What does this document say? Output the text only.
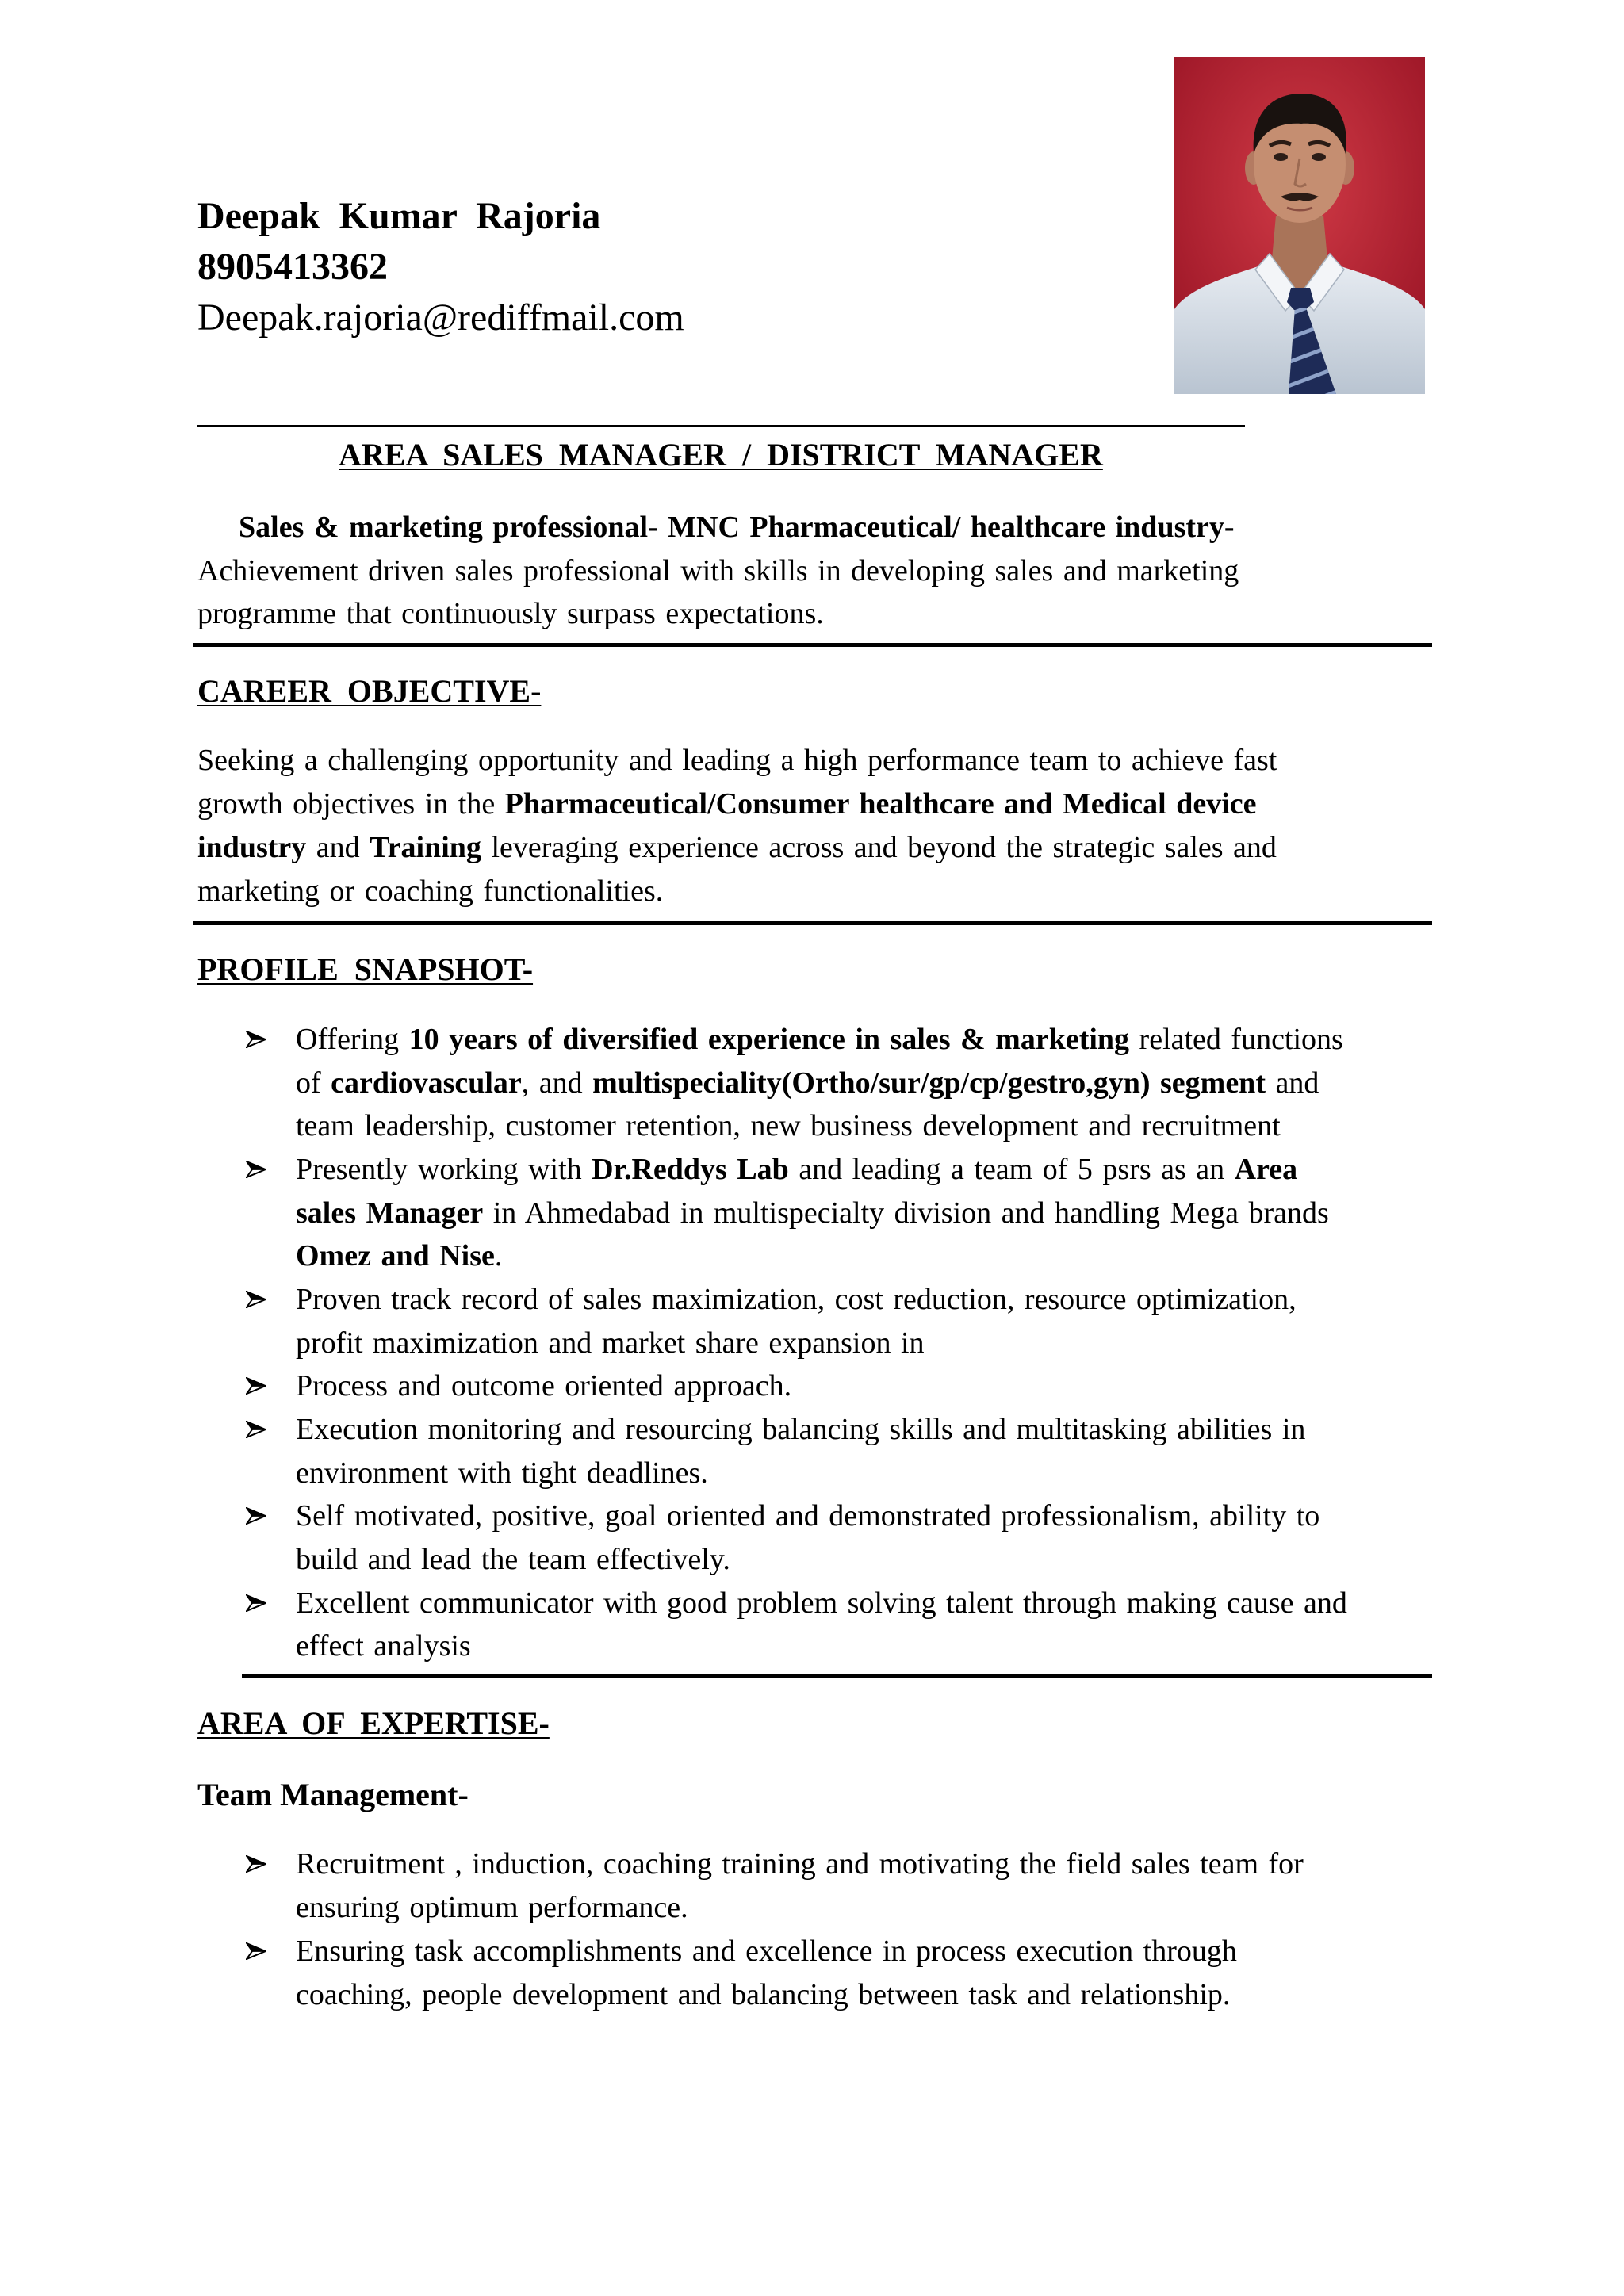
Deepak Kumar Rajoria
8905413362
Deepak.rajoria@rediffmail.com
AREA SALES MANAGER / DISTRICT MANAGER
Sales & marketing professional- MNC Pharmaceutical/ healthcare industry-
Achievement driven sales professional with skills in developing sales and marketing
programme that continuously surpass expectations.
CAREER OBJECTIVE-
Seeking a challenging opportunity and leading a high performance team to achieve fast
growth objectives in the Pharmaceutical/Consumer healthcare and Medical device
industry and Training leveraging experience across and beyond the strategic sales and
marketing or coaching functionalities.
PROFILE SNAPSHOT-
Offering 10 years of diversified experience in sales & marketing related functions
of cardiovascular, and multispeciality(Ortho/sur/gp/cp/gestro,gyn) segment and
team leadership, customer retention, new business development and recruitment
Presently working with Dr.Reddys Lab and leading a team of 5 psrs as an Area
sales Manager in Ahmedabad in multispecialty division and handling Mega brands
Omez and Nise.
Proven track record of sales maximization, cost reduction, resource optimization,
profit maximization and market share expansion in
Process and outcome oriented approach.
Execution monitoring and resourcing balancing skills and multitasking abilities in
environment with tight deadlines.
Self motivated, positive, goal oriented and demonstrated professionalism, ability to
build and lead the team effectively.
Excellent communicator with good problem solving talent through making cause and
effect analysis
AREA OF EXPERTISE-
Team Management-
Recruitment , induction, coaching training and motivating the field sales team for
ensuring optimum performance.
Ensuring task accomplishments and excellence in process execution through
coaching, people development and balancing between task and relationship.
